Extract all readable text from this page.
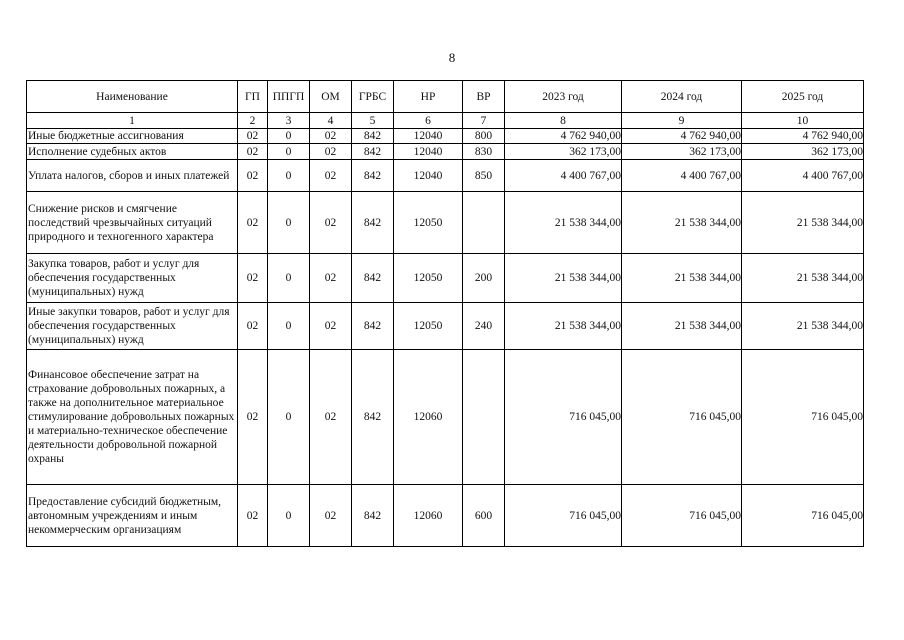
8
Наименование	ГП	ППГП	ОМ	ГРБС	НР	ВР	2023 год	2024 год	2025 год
1	2	3	4	5	6	7	8	9	10
Иные бюджетные ассигнования	02	0	02	842	12040	800	4 762 940,00	4 762 940,00	4 762 940,00
Исполнение судебных актов	02	0	02	842	12040	830	362 173,00	362 173,00	362 173,00
Уплата налогов, сборов и иных платежей	02	0	02	842	12040	850	4 400 767,00	4 400 767,00	4 400 767,00
Снижение рисков и смягчение последствий чрезвычайных ситуаций природного и техногенного характера	02	0	02	842	12050		21 538 344,00	21 538 344,00	21 538 344,00
Закупка товаров, работ и услуг для обеспечения государственных (муниципальных) нужд	02	0	02	842	12050	200	21 538 344,00	21 538 344,00	21 538 344,00
Иные закупки товаров, работ и услуг для обеспечения государственных (муниципальных) нужд	02	0	02	842	12050	240	21 538 344,00	21 538 344,00	21 538 344,00
Финансовое обеспечение затрат на страхование добровольных пожарных, а также на дополнительное материальное стимулирование добровольных пожарных и материально-техническое обеспечение деятельности добровольной пожарной охраны	02	0	02	842	12060		716 045,00	716 045,00	716 045,00
Предоставление субсидий бюджетным, автономным учреждениям и иным некоммерческим организациям	02	0	02	842	12060	600	716 045,00	716 045,00	716 045,00
